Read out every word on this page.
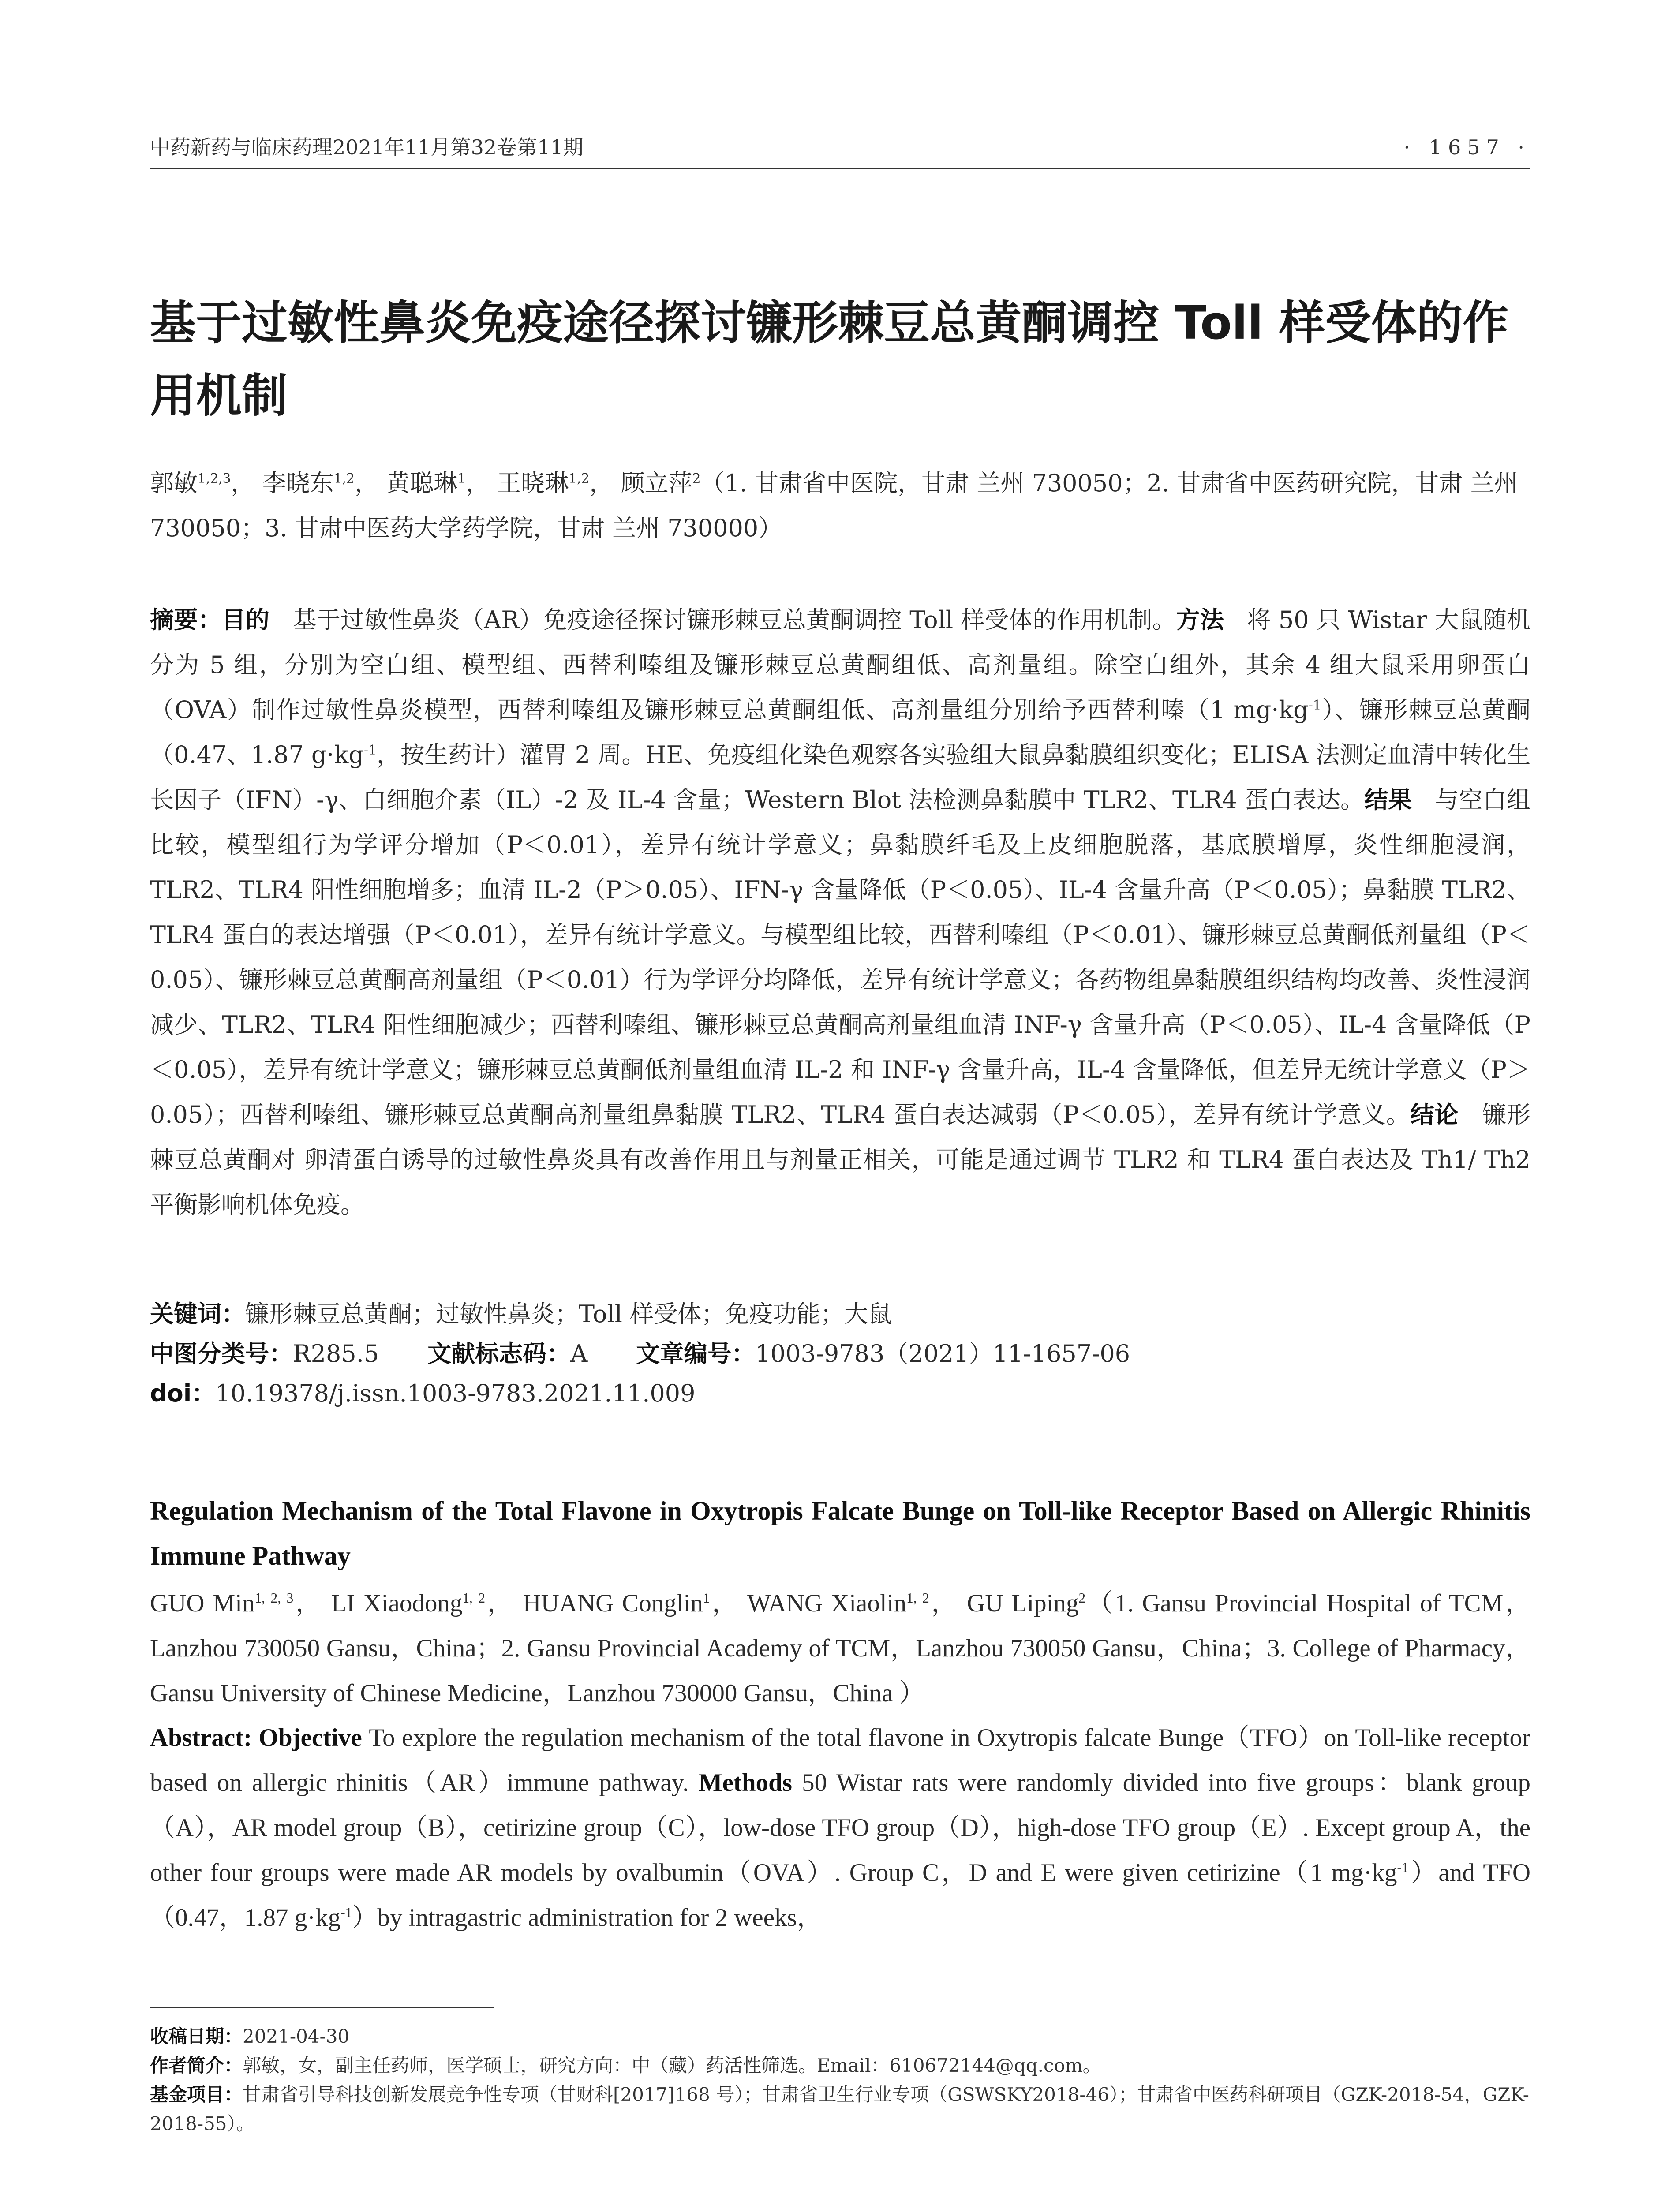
中药新药与临床药理2021年11月第32卷第11期	· 1657 ·
基于过敏性鼻炎免疫途径探讨镰形棘豆总黄酮调控 Toll 样受体的作用机制
郭敏$^{1,2,3}$， 李晓东$^{1,2}$， 黄聪琳$^1$， 王晓琳$^{1,2}$， 顾立萍$^2$（1. 甘肃省中医院，甘肃 兰州 730050；2. 甘肃省中医药研究院，甘肃 兰州 730050；3. 甘肃中医药大学药学院，甘肃 兰州 730000）
摘要：目的 基于过敏性鼻炎（AR）免疫途径探讨镰形棘豆总黄酮调控 Toll 样受体的作用机制。方法 将 50 只 Wistar 大鼠随机分为 5 组，分别为空白组、模型组、西替利嗪组及镰形棘豆总黄酮组低、高剂量组。除空白组外，其余 4 组大鼠采用卵蛋白（OVA）制作过敏性鼻炎模型，西替利嗪组及镰形棘豆总黄酮组低、高剂量组分别给予西替利嗪（1 $mg\cdot kg^{-1}$）、镰形棘豆总黄酮（0.47、1.87 $g\cdot kg^{-1}$，按生药计）灌胃 2 周。HE、免疫组化染色观察各实验组大鼠鼻黏膜组织变化；ELISA 法测定血清中转化生长因子（IFN）-γ、白细胞介素（IL）-2 及 IL-4 含量；Western Blot 法检测鼻黏膜中 TLR2、TLR4 蛋白表达。结果 与空白组比较，模型组行为学评分增加（P＜0.01），差异有统计学意义；鼻黏膜纤毛及上皮细胞脱落，基底膜增厚，炎性细胞浸润，TLR2、TLR4 阳性细胞增多；血清 IL-2（P＞0.05）、IFN-γ 含量降低（P＜0.05）、IL-4 含量升高（P＜0.05）；鼻黏膜 TLR2、TLR4 蛋白的表达增强（P＜0.01），差异有统计学意义。与模型组比较，西替利嗪组（P＜0.01）、镰形棘豆总黄酮低剂量组（P＜0.05）、镰形棘豆总黄酮高剂量组（P＜0.01）行为学评分均降低，差异有统计学意义；各药物组鼻黏膜组织结构均改善、炎性浸润减少、TLR2、TLR4 阳性细胞减少；西替利嗪组、镰形棘豆总黄酮高剂量组血清 INF-γ 含量升高（P＜0.05）、IL-4 含量降低（P＜0.05），差异有统计学意义；镰形棘豆总黄酮低剂量组血清 IL-2 和 INF-γ 含量升高，IL-4 含量降低，但差异无统计学意义（P＞0.05）；西替利嗪组、镰形棘豆总黄酮高剂量组鼻黏膜 TLR2、TLR4 蛋白表达减弱（P＜0.05），差异有统计学意义。结论 镰形棘豆总黄酮对 卵清蛋白诱导的过敏性鼻炎具有改善作用且与剂量正相关，可能是通过调节 TLR2 和 TLR4 蛋白表达及 Th1/ Th2 平衡影响机体免疫。
关键词：镰形棘豆总黄酮；过敏性鼻炎；Toll 样受体；免疫功能；大鼠
中图分类号：R285.5 文献标志码：A 文章编号：1003-9783（2021）11-1657-06
doi：10.19378/j.issn.1003-9783.2021.11.009
Regulation Mechanism of the Total Flavone in Oxytropis Falcate Bunge on Toll-like Receptor Based on Allergic Rhinitis Immune Pathway
GUO Min$^{1, 2, 3}$， LI Xiaodong$^{1, 2}$， HUANG Conglin$^1$， WANG Xiaolin$^{1, 2}$， GU Liping$^2$（1. Gansu Provincial Hospital of TCM，Lanzhou 730050 Gansu，China；2. Gansu Provincial Academy of TCM，Lanzhou 730050 Gansu，China；3. College of Pharmacy，Gansu University of Chinese Medicine，Lanzhou 730000 Gansu，China ）
Abstract: Objective To explore the regulation mechanism of the total flavone in Oxytropis falcate Bunge（TFO）on Toll-like receptor based on allergic rhinitis（AR）immune pathway. Methods 50 Wistar rats were randomly divided into five groups：blank group（A），AR model group（B），cetirizine group（C），low-dose TFO group（D），high-dose TFO group（E）. Except group A，the other four groups were made AR models by ovalbumin（OVA）. Group C，D and E were given cetirizine（1 $mg\cdot kg^{-1})and$ TFO（0.47，1.87 $g\cdot kg^{-1})by$ intragastric administration for 2 weeks，
收稿日期：2021-04-30
作者简介：郭敏，女，副主任药师，医学硕士，研究方向：中（藏）药活性筛选。Email：610672144@qq.com。
基金项目：甘肃省引导科技创新发展竞争性专项（甘财科[2017]168 号）；甘肃省卫生行业专项（GSWSKY2018-46）；甘肃省中医药科研项目（GZK-2018-54，GZK-2018-55）。
